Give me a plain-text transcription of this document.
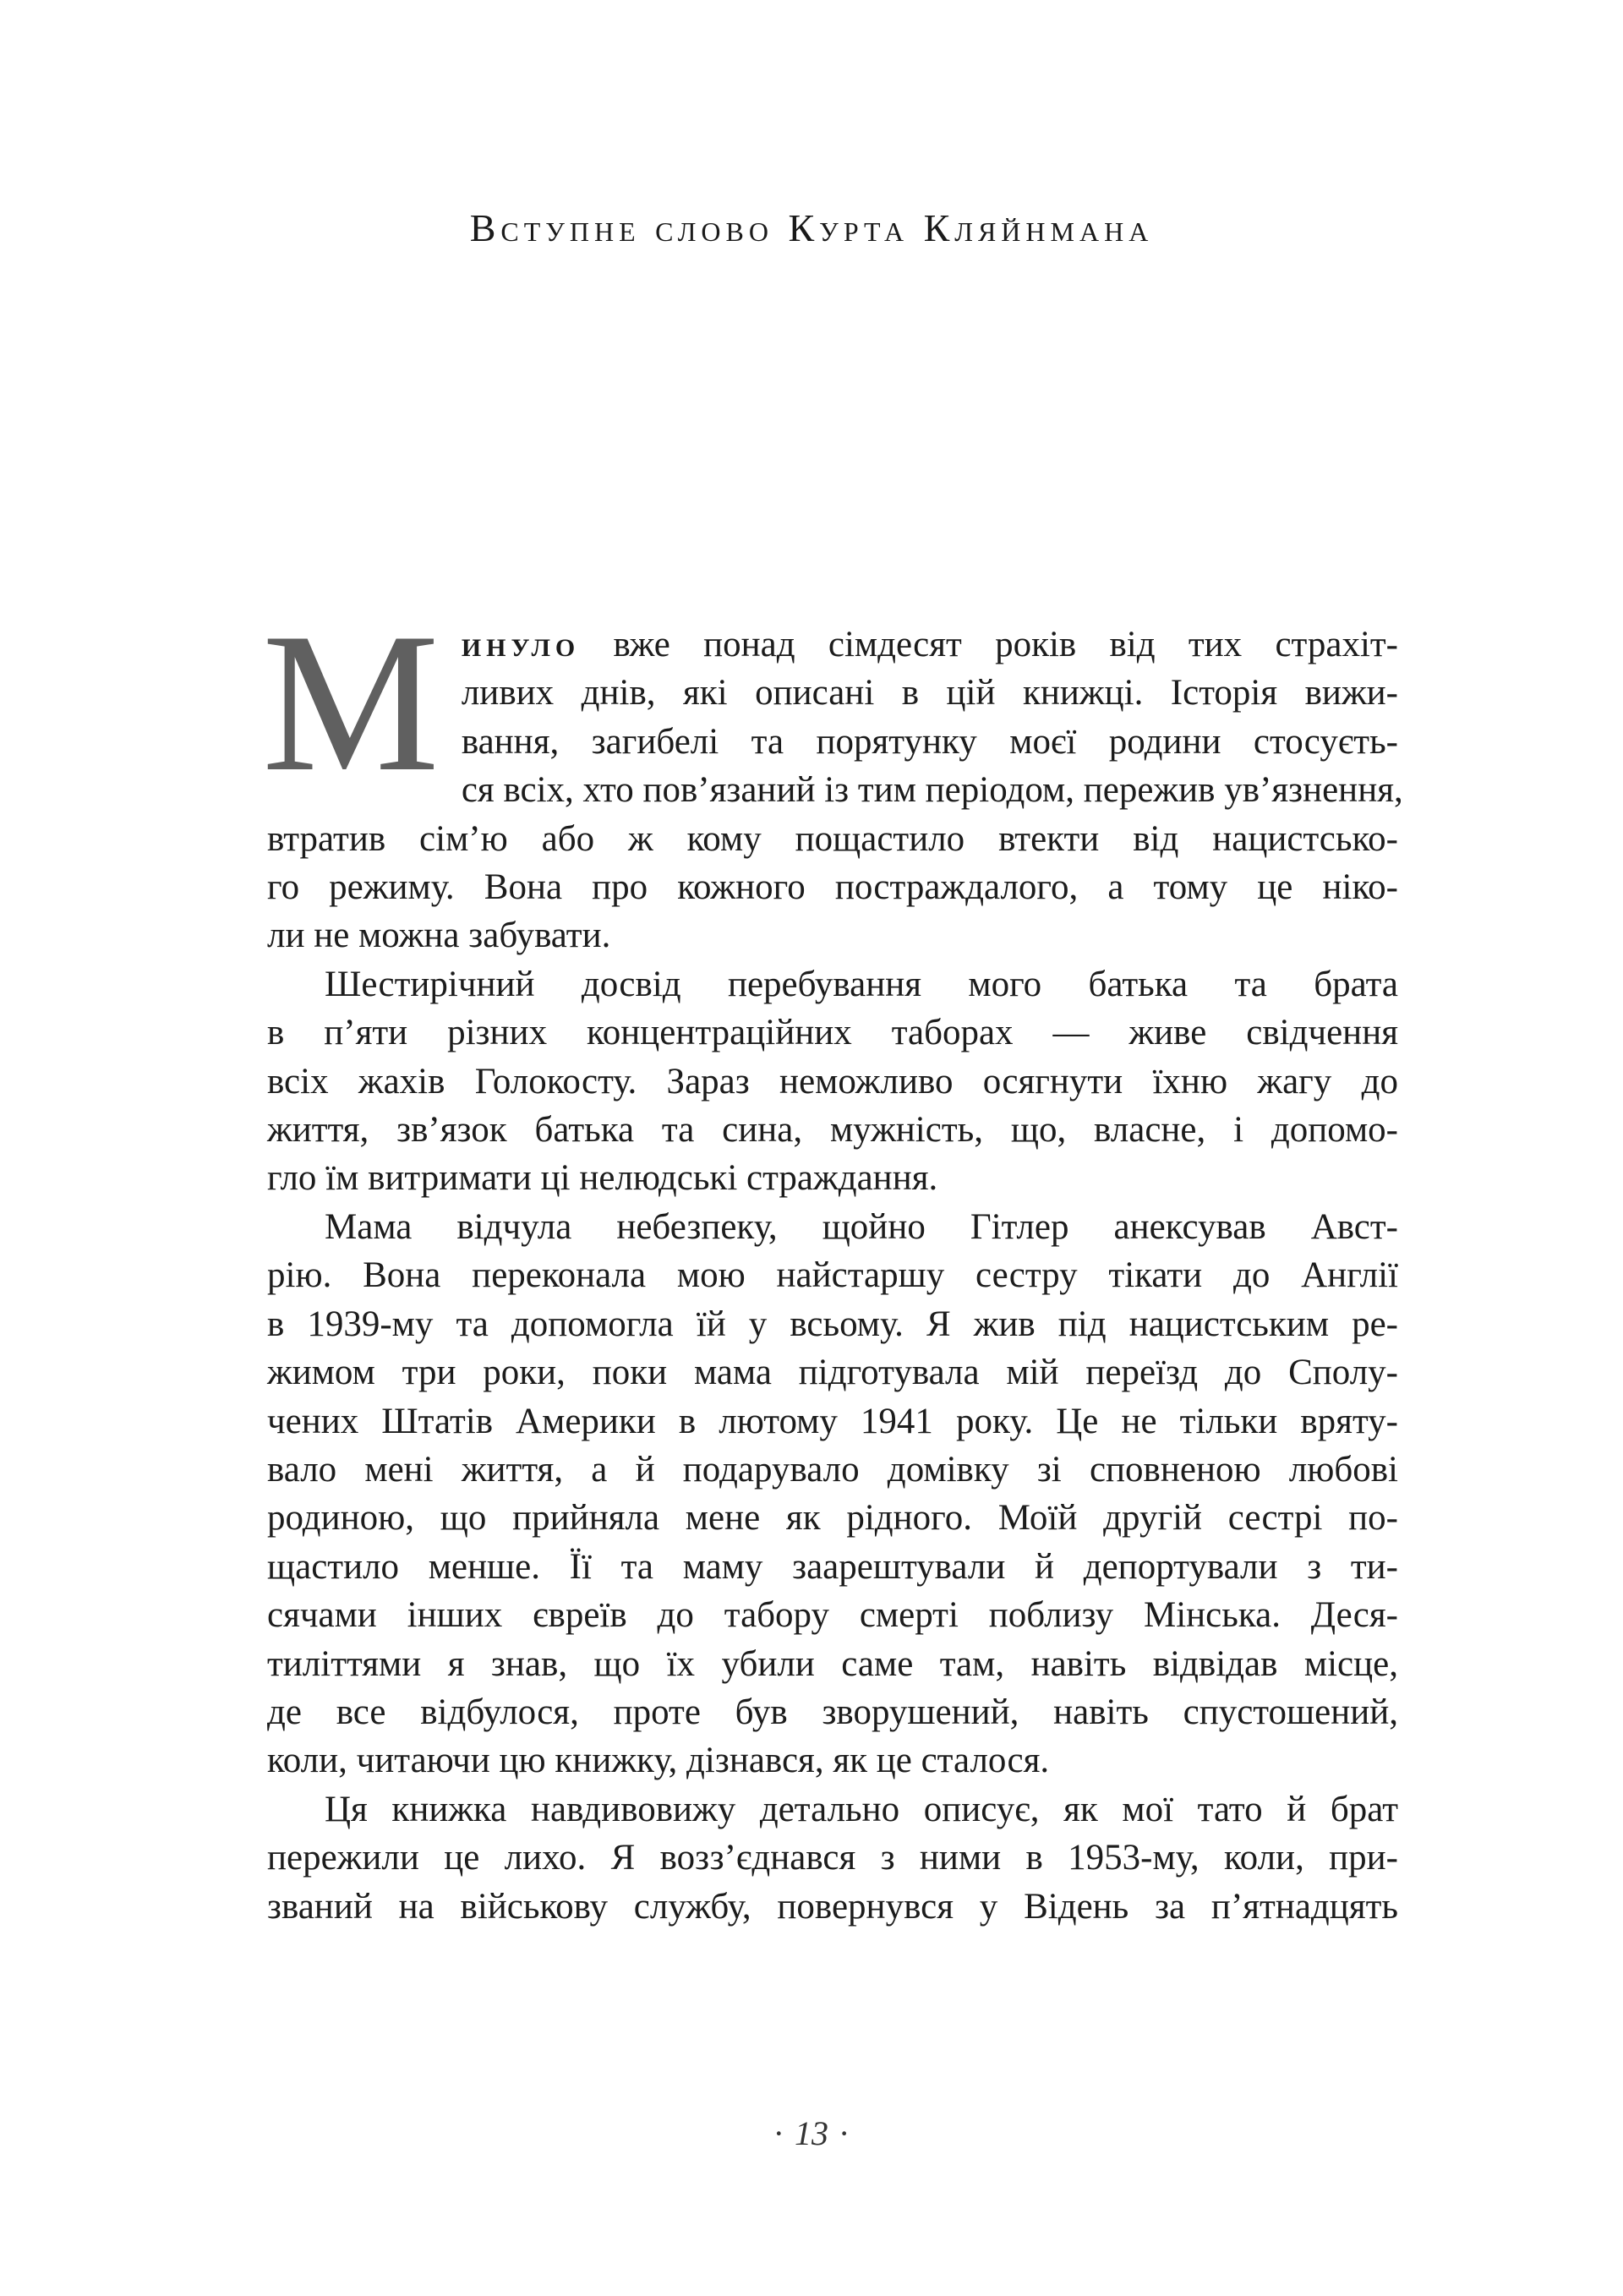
Вступне слово Курта Кляйнмана
М инуло вже понад сімдесят років від тих страхіт-
ливих днів, які описані в цій книжці. Історія вижи-
вання, загибелі та порятунку моєї родини стосуєть-
ся всіх, хто пов’язаний із тим періодом, пережив ув’язнення,
втратив сім’ю або ж кому пощастило втекти від нацистсько-
го режиму. Вона про кожного постраждалого, а тому це ніко-
ли не можна забувати.
Шестирічний досвід перебування мого батька та брата
в п’яти різних концентраційних таборах — живе свідчення
всіх жахів Голокосту. Зараз неможливо осягнути їхню жагу до
життя, зв’язок батька та сина, мужність, що, власне, і допомо-
гло їм витримати ці нелюдські страждання.
Мама відчула небезпеку, щойно Гітлер анексував Авст-
рію. Вона переконала мою найстаршу сестру тікати до Англії
в 1939-му та допомогла їй у всьому. Я жив під нацистським ре-
жимом три роки, поки мама підготувала мій переїзд до Сполу-
чених Штатів Америки в лютому 1941 року. Це не тільки вряту-
вало мені життя, а й подарувало домівку зі сповненою любові
родиною, що прийняла мене як рідного. Моїй другій сестрі по-
щастило менше. Її та маму заарештували й депортували з ти-
сячами інших євреїв до табору смерті поблизу Мінська. Деся-
тиліттями я знав, що їх убили саме там, навіть відвідав місце,
де все відбулося, проте був зворушений, навіть спустошений,
коли, читаючи цю книжку, дізнався, як це сталося.
Ця книжка навдивовижу детально описує, як мої тато й брат
пережили це лихо. Я возз’єднався з ними в 1953-му, коли, при-
званий на військову службу, повернувся у Відень за п’ятнадцять
· 13 ·
